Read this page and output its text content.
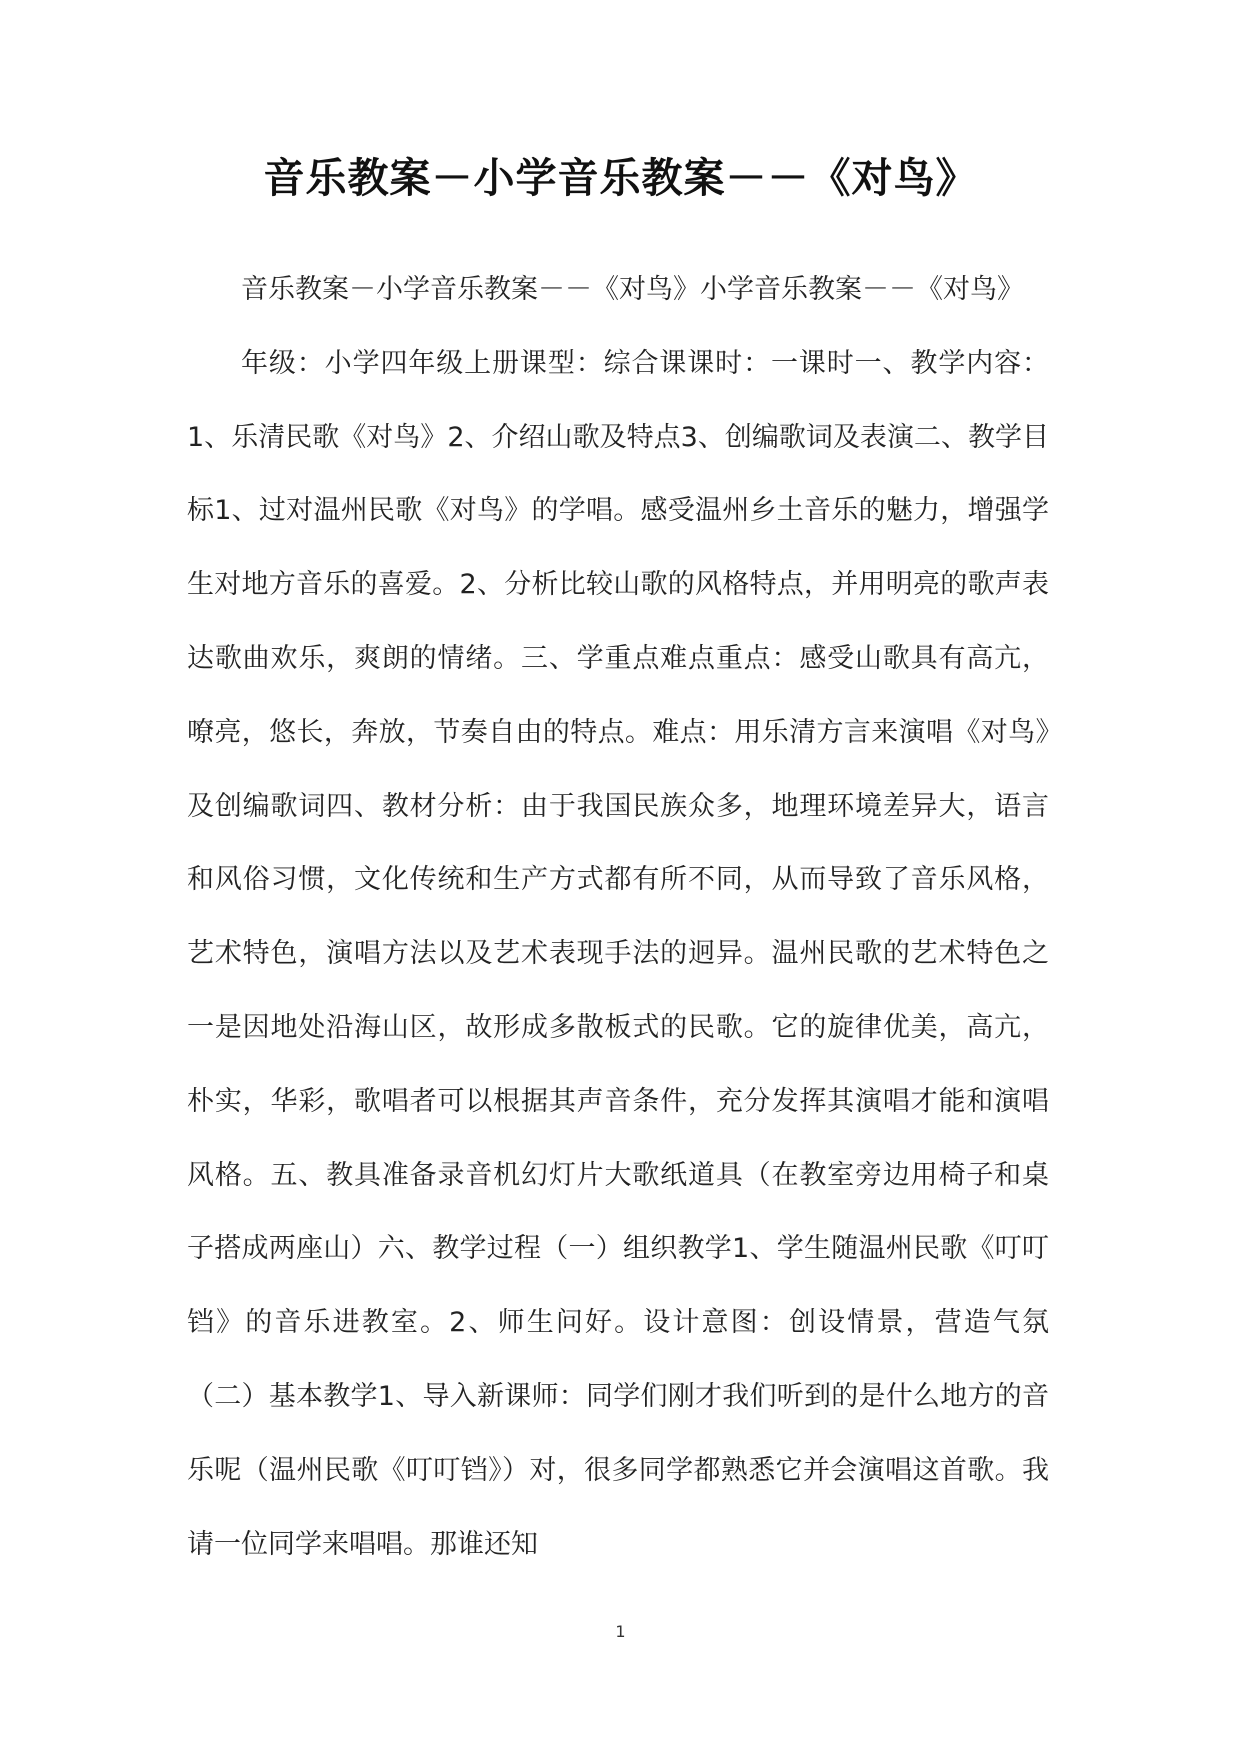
音乐教案－小学音乐教案－－《对鸟》

音乐教案－小学音乐教案－－《对鸟》小学音乐教案－－《对鸟》

年级：小学四年级上册课型：综合课课时：一课时一、教学内容：1、乐清民歌《对鸟》2、介绍山歌及特点3、创编歌词及表演二、教学目标1、过对温州民歌《对鸟》的学唱。感受温州乡土音乐的魅力，增强学生对地方音乐的喜爱。2、分析比较山歌的风格特点，并用明亮的歌声表达歌曲欢乐，爽朗的情绪。三、学重点难点重点：感受山歌具有高亢，嘹亮，悠长，奔放，节奏自由的特点。难点：用乐清方言来演唱《对鸟》及创编歌词四、教材分析：由于我国民族众多，地理环境差异大，语言和风俗习惯，文化传统和生产方式都有所不同，从而导致了音乐风格，艺术特色，演唱方法以及艺术表现手法的迥异。温州民歌的艺术特色之一是因地处沿海山区，故形成多散板式的民歌。它的旋律优美，高亢，朴实，华彩，歌唱者可以根据其声音条件，充分发挥其演唱才能和演唱风格。五、教具准备录音机幻灯片大歌纸道具（在教室旁边用椅子和桌子搭成两座山）六、教学过程（一）组织教学1、学生随温州民歌《叮叮铛》的音乐进教室。2、师生问好。设计意图：创设情景，营造气氛（二）基本教学1、导入新课师：同学们刚才我们听到的是什么地方的音乐呢（温州民歌《叮叮铛》）对，很多同学都熟悉它并会演唱这首歌。我请一位同学来唱唱。那谁还知

1
